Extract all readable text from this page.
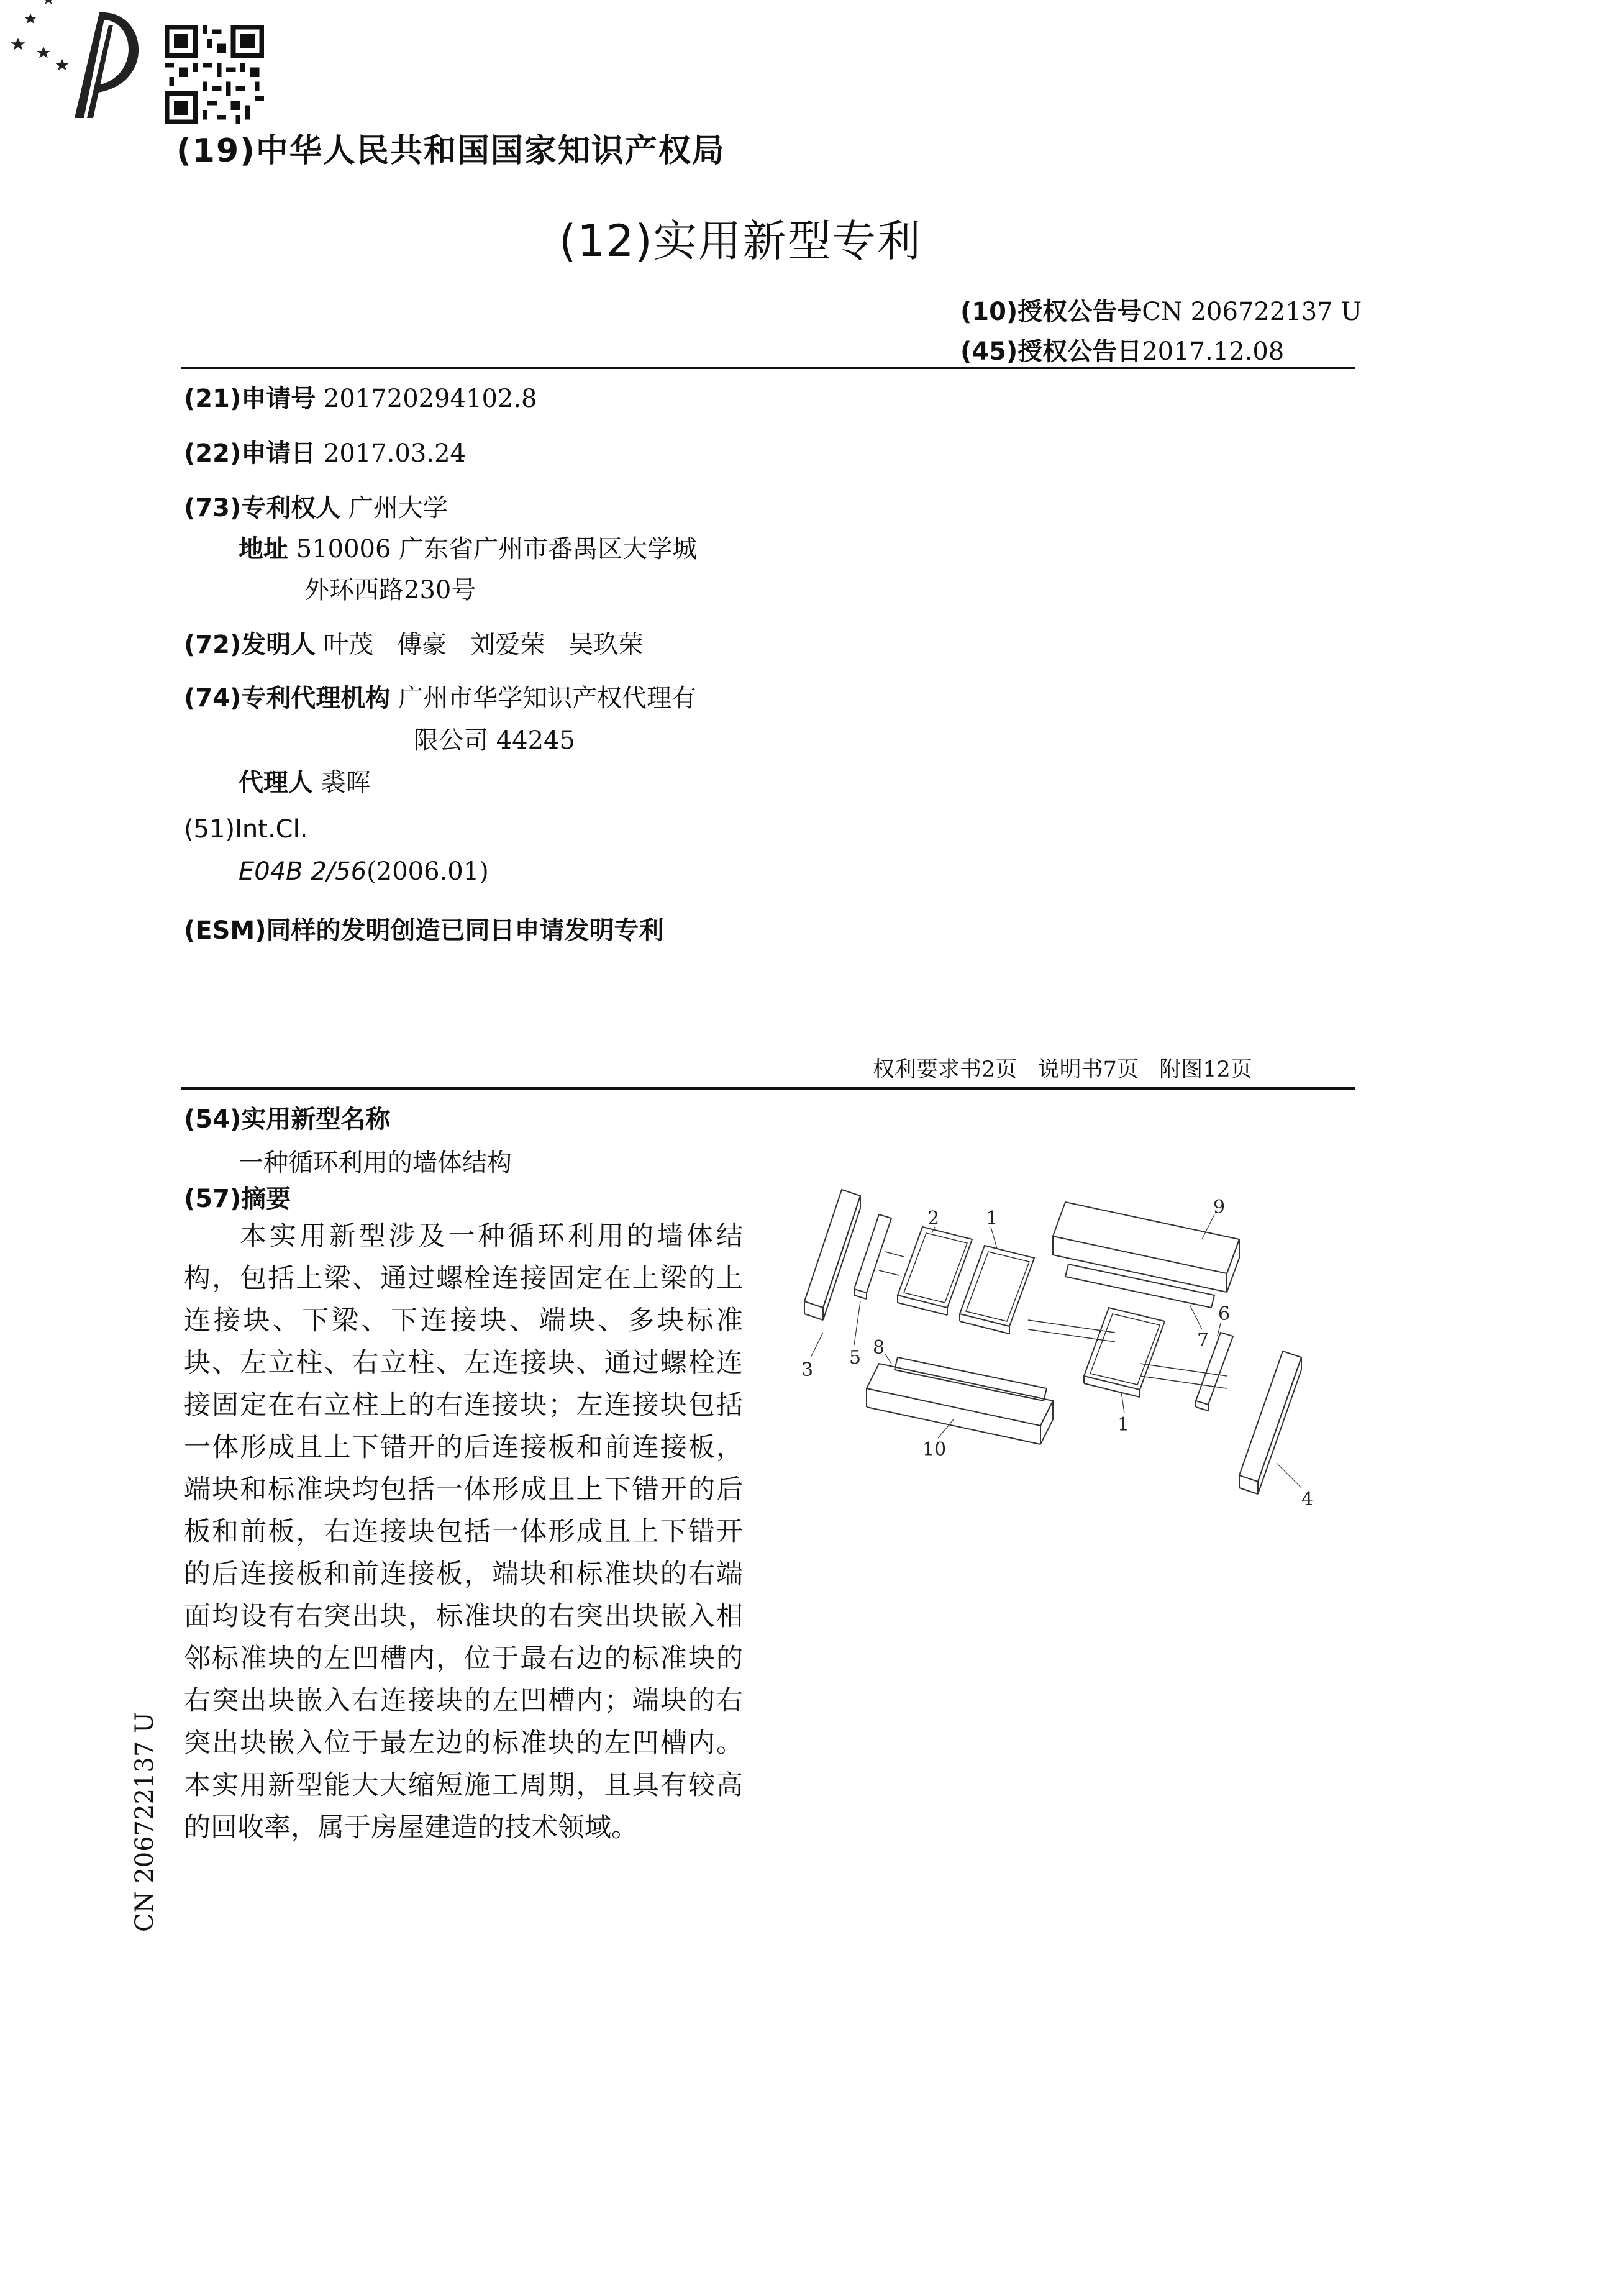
(19)中华人民共和国国家知识产权局

(12)实用新型专利
(10)授权公告号CN 206722137 U
(45)授权公告日2017.12.08
(21)申请号 201720294102.8
(22)申请日 2017.03.24
(73)专利权人 广州大学
地址 510006 广东省广州市番禺区大学城
外环西路230号
(72)发明人 叶茂   傅豪   刘爱荣   吴玖荣
(74)专利代理机构 广州市华学知识产权代理有
限公司 44245
代理人 裘晖
(51)Int.Cl.
E04B 2/56(2006.01)
(ESM)同样的发明创造已同日申请发明专利
权利要求书2页   说明书7页   附图12页
(54)实用新型名称
一种循环利用的墙体结构
(57)摘要

本实用新型涉及一种循环利用的墙体结构，包括上梁、通过螺栓连接固定在上梁的上连接块、下梁、下连接块、端块、多块标准块、左立柱、右立柱、左连接块、通过螺栓连接固定在右立柱上的右连接块；左连接块包括一体形成且上下错开的后连接板和前连接板，端块和标准块均包括一体形成且上下错开的后板和前板，右连接块包括一体形成且上下错开的后连接板和前连接板，端块和标准块的右端面均设有右突出块，标准块的右突出块嵌入相邻标准块的左凹槽内，位于最右边的标准块的右突出块嵌入右连接块的左凹槽内；端块的右突出块嵌入位于最左边的标准块的左凹槽内。本实用新型能大大缩短施工周期，且具有较高的回收率，属于房屋建造的技术领域。

CN 206722137 U
3
5
2 1
9
7
6
8
1
10
4
